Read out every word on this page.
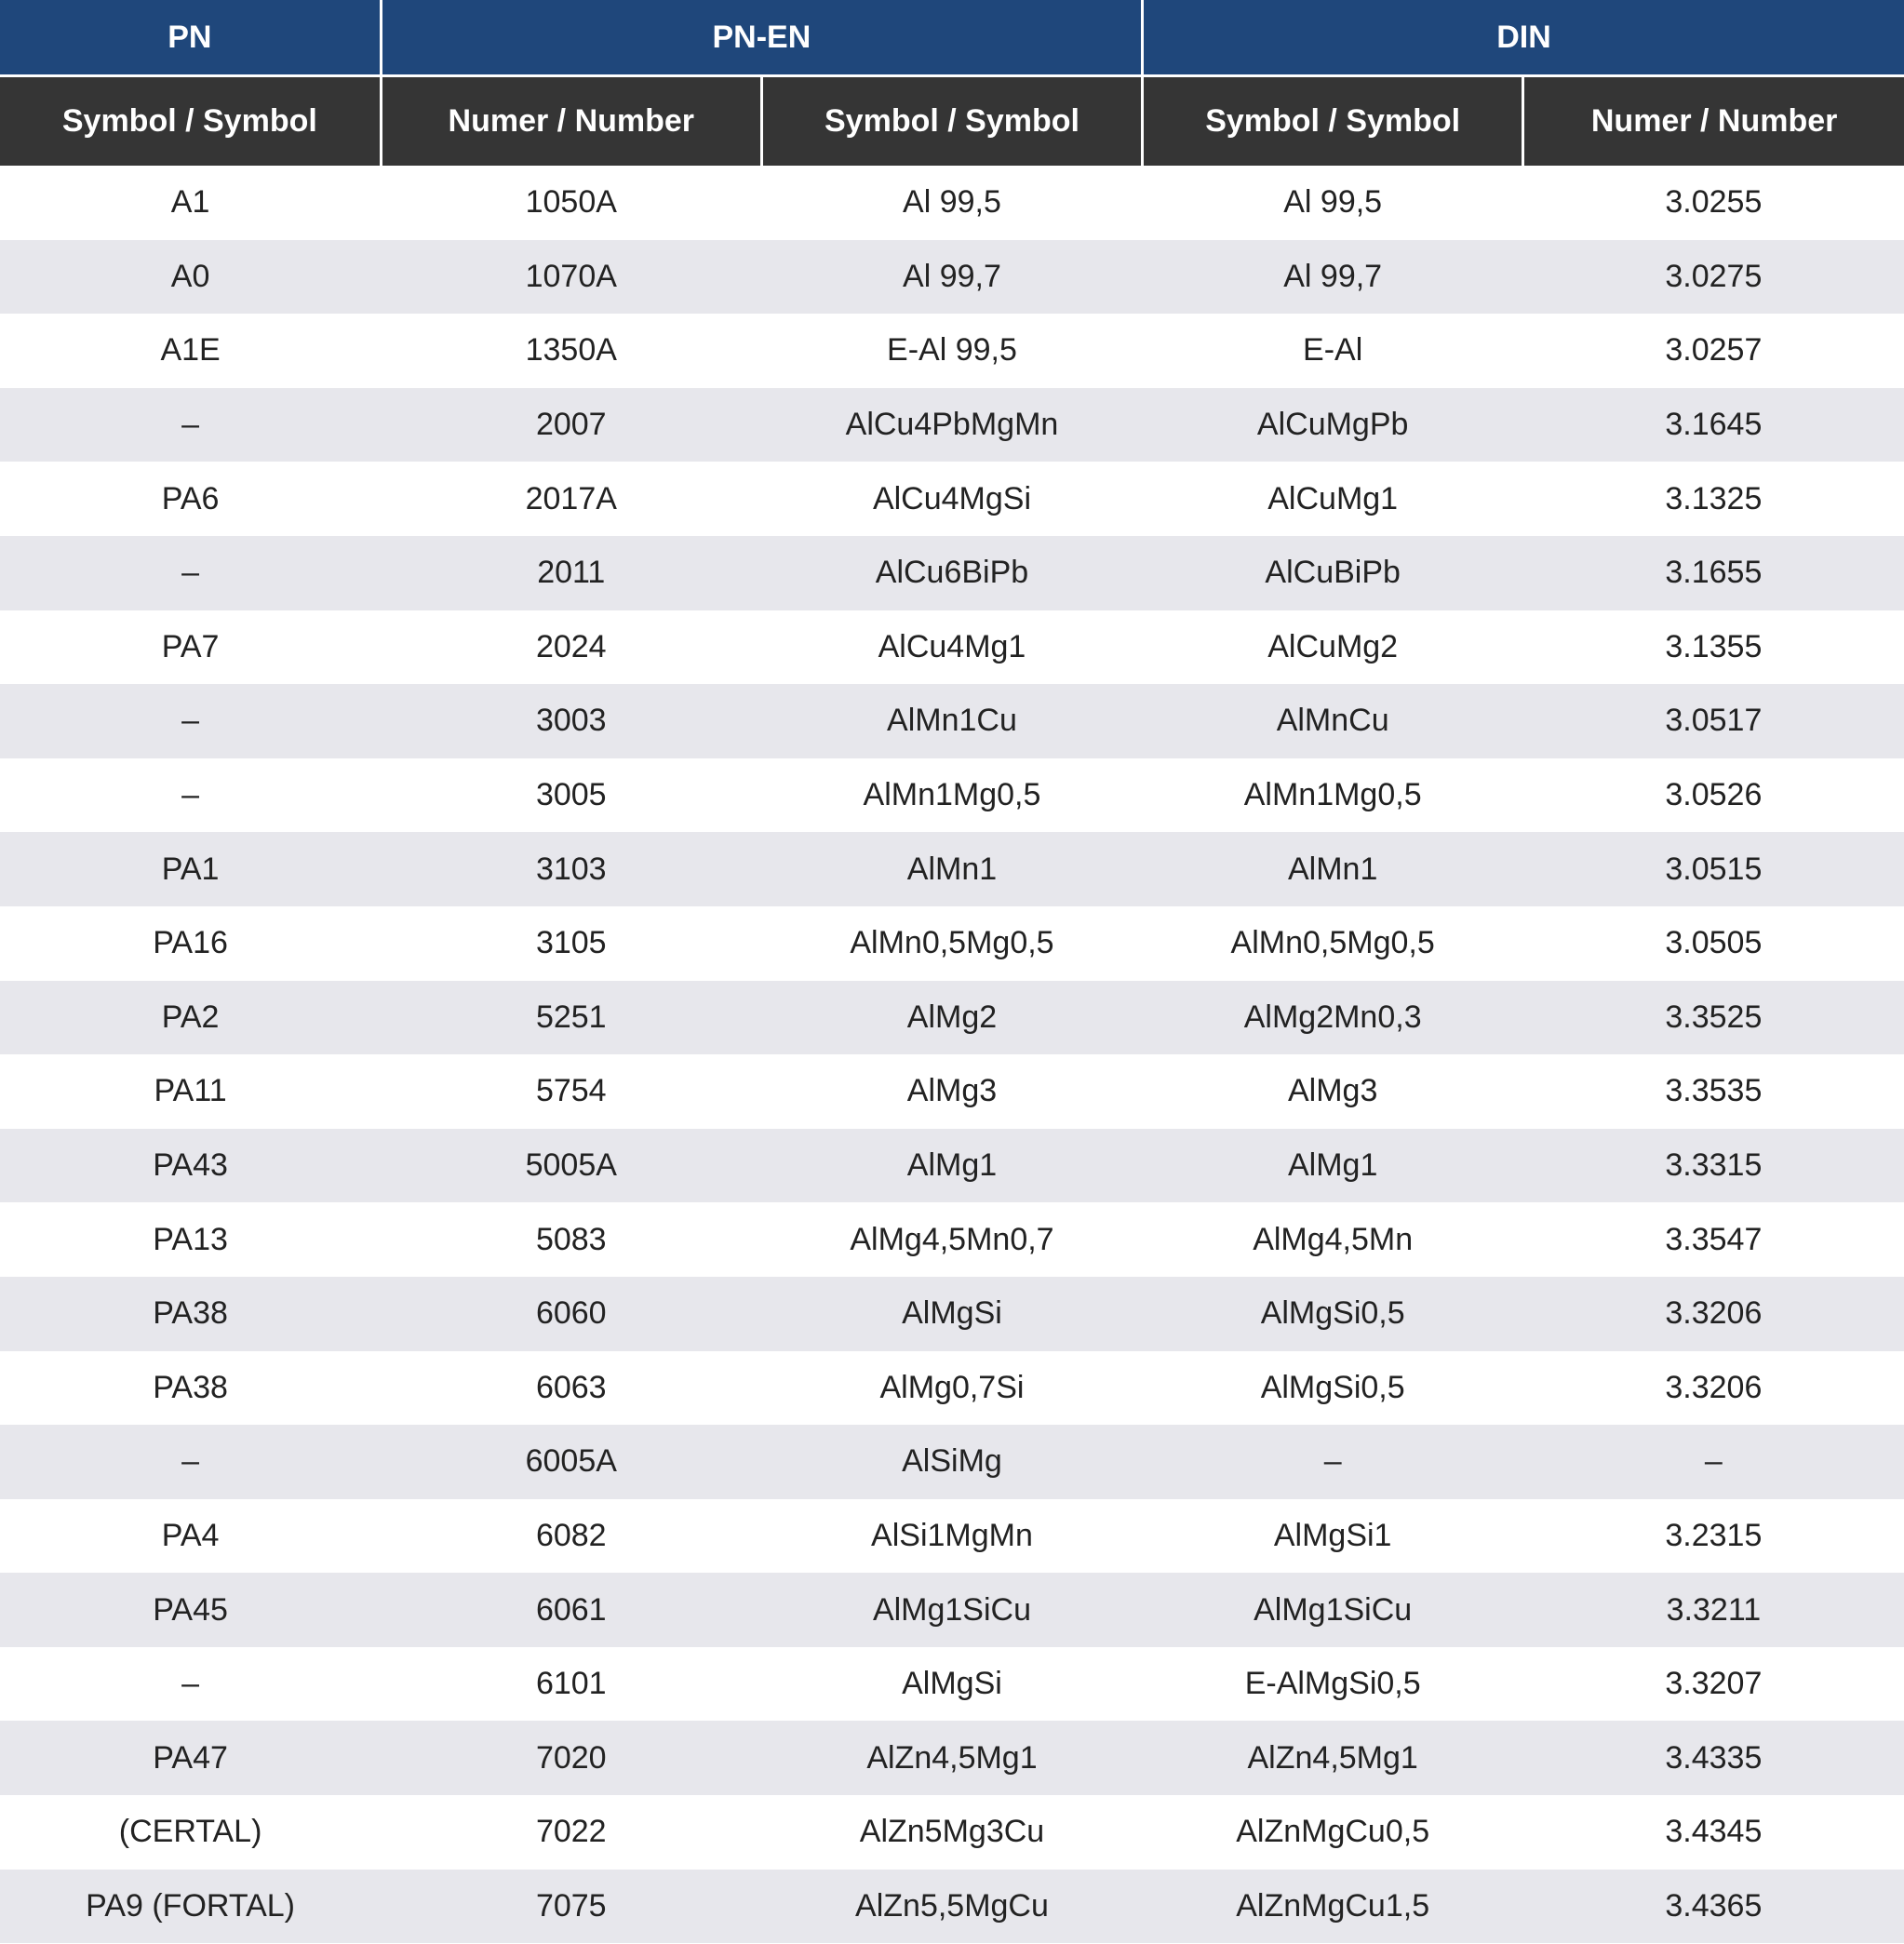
PN	PN-EN		DIN	
Symbol / Symbol	Numer / Number	Symbol / Symbol	Symbol / Symbol	Numer / Number
A1	1050A	Al 99,5	Al 99,5	3.0255
A0	1070A	Al 99,7	Al 99,7	3.0275
A1E	1350A	E-Al 99,5	E-Al	3.0257
–	2007	AlCu4PbMgMn	AlCuMgPb	3.1645
PA6	2017A	AlCu4MgSi	AlCuMg1	3.1325
–	2011	AlCu6BiPb	AlCuBiPb	3.1655
PA7	2024	AlCu4Mg1	AlCuMg2	3.1355
–	3003	AlMn1Cu	AlMnCu	3.0517
–	3005	AlMn1Mg0,5	AlMn1Mg0,5	3.0526
PA1	3103	AlMn1	AlMn1	3.0515
PA16	3105	AlMn0,5Mg0,5	AlMn0,5Mg0,5	3.0505
PA2	5251	AlMg2	AlMg2Mn0,3	3.3525
PA11	5754	AlMg3	AlMg3	3.3535
PA43	5005A	AlMg1	AlMg1	3.3315
PA13	5083	AlMg4,5Mn0,7	AlMg4,5Mn	3.3547
PA38	6060	AlMgSi	AlMgSi0,5	3.3206
PA38	6063	AlMg0,7Si	AlMgSi0,5	3.3206
–	6005A	AlSiMg	–	–
PA4	6082	AlSi1MgMn	AlMgSi1	3.2315
PA45	6061	AlMg1SiCu	AlMg1SiCu	3.3211
–	6101	AlMgSi	E-AlMgSi0,5	3.3207
PA47	7020	AlZn4,5Mg1	AlZn4,5Mg1	3.4335
(CERTAL)	7022	AlZn5Mg3Cu	AlZnMgCu0,5	3.4345
PA9 (FORTAL)	7075	AlZn5,5MgCu	AlZnMgCu1,5	3.4365
